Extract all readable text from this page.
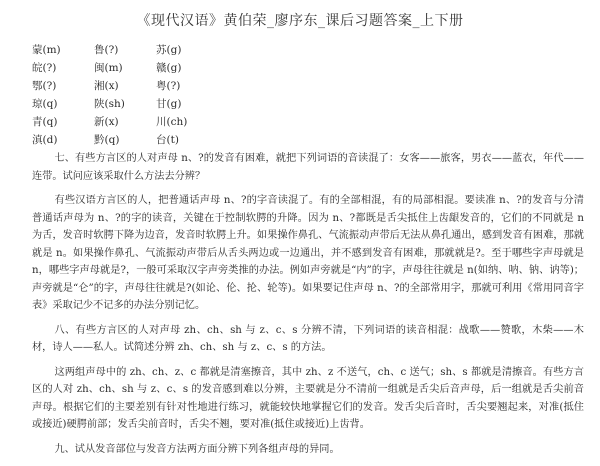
《现代汉语》黄伯荣_廖序东_课后习题答案_上下册
蒙(m)	鲁(?)	苏(g)
皖(?)	闽(m)	赣(g)
鄂(?)	湘(x)	粤(?)
琼(q)	陕(sh)	甘(g)
青(q)	新(x)	川(ch)
滇(d)	黔(q)	台(t)

七、有些方言区的人对声母 n、?的发音有困难，就把下列词语的音读混了：女客——旅客，男衣——蓝衣，年代——连带。试问应该采取什么方法去分辨？

有些汉语方言区的人，把普通话声母 n、?的字音读混了。有的全部相混，有的局部相混。要读准 n、?的发音与分清普通话声母为 n、?的字的读音，关键在于控制软腭的升降。因为 n、?都既是舌尖抵住上齿龈发音的，它们的不同就是 n 为舌，发音时软腭下降为边音，发音时软腭上升。如果操作鼻孔、气流振动声带后无法从鼻孔通出，感到发音有困难，那就就是 n。如果操作鼻孔、气流振动声带后从舌头两边或一边通出，并不感到发音有困难，那就就是?。至于哪些字声母就是 n，哪些字声母就是?，一般可采取汉字声旁类推的办法。例如声旁就是“内”的字，声母往往就是 n(如纳、呐、钠、讷等)；声旁就是“仑”的字，声母往往就是?(如论、伦、抡、轮等)。如果要记住声母 n、?的全部常用字，那就可利用《常用同音字表》采取记少不记多的办法分别记忆。

八、有些方言区的人对声母 zh、ch、sh 与 z、c、s 分辨不清，下列词语的读音相混：战歌——赞歌，木柴——木材，诗人——私人。试简述分辨 zh、ch、sh 与 z、c、s 的方法。

这两组声母中的 zh、ch、z、c 都就是清塞擦音，其中 zh、z 不送气，ch、c 送气；sh、s 都就是清擦音。有些方言区的人对 zh、ch、sh 与 z、c、s 的发音感到难以分辨，主要就是分不清前一组就是舌尖后音声母，后一组就是舌尖前音声母。根据它们的主要差别有针对性地进行练习，就能较快地掌握它们的发音。发舌尖后音时，舌尖要翘起来，对准(抵住或接近)硬腭前部；发舌尖前音时，舌尖不翘，要对准(抵住或接近)上齿背。

九、试从发音部位与发音方法两方面分辨下列各组声母的异同。
